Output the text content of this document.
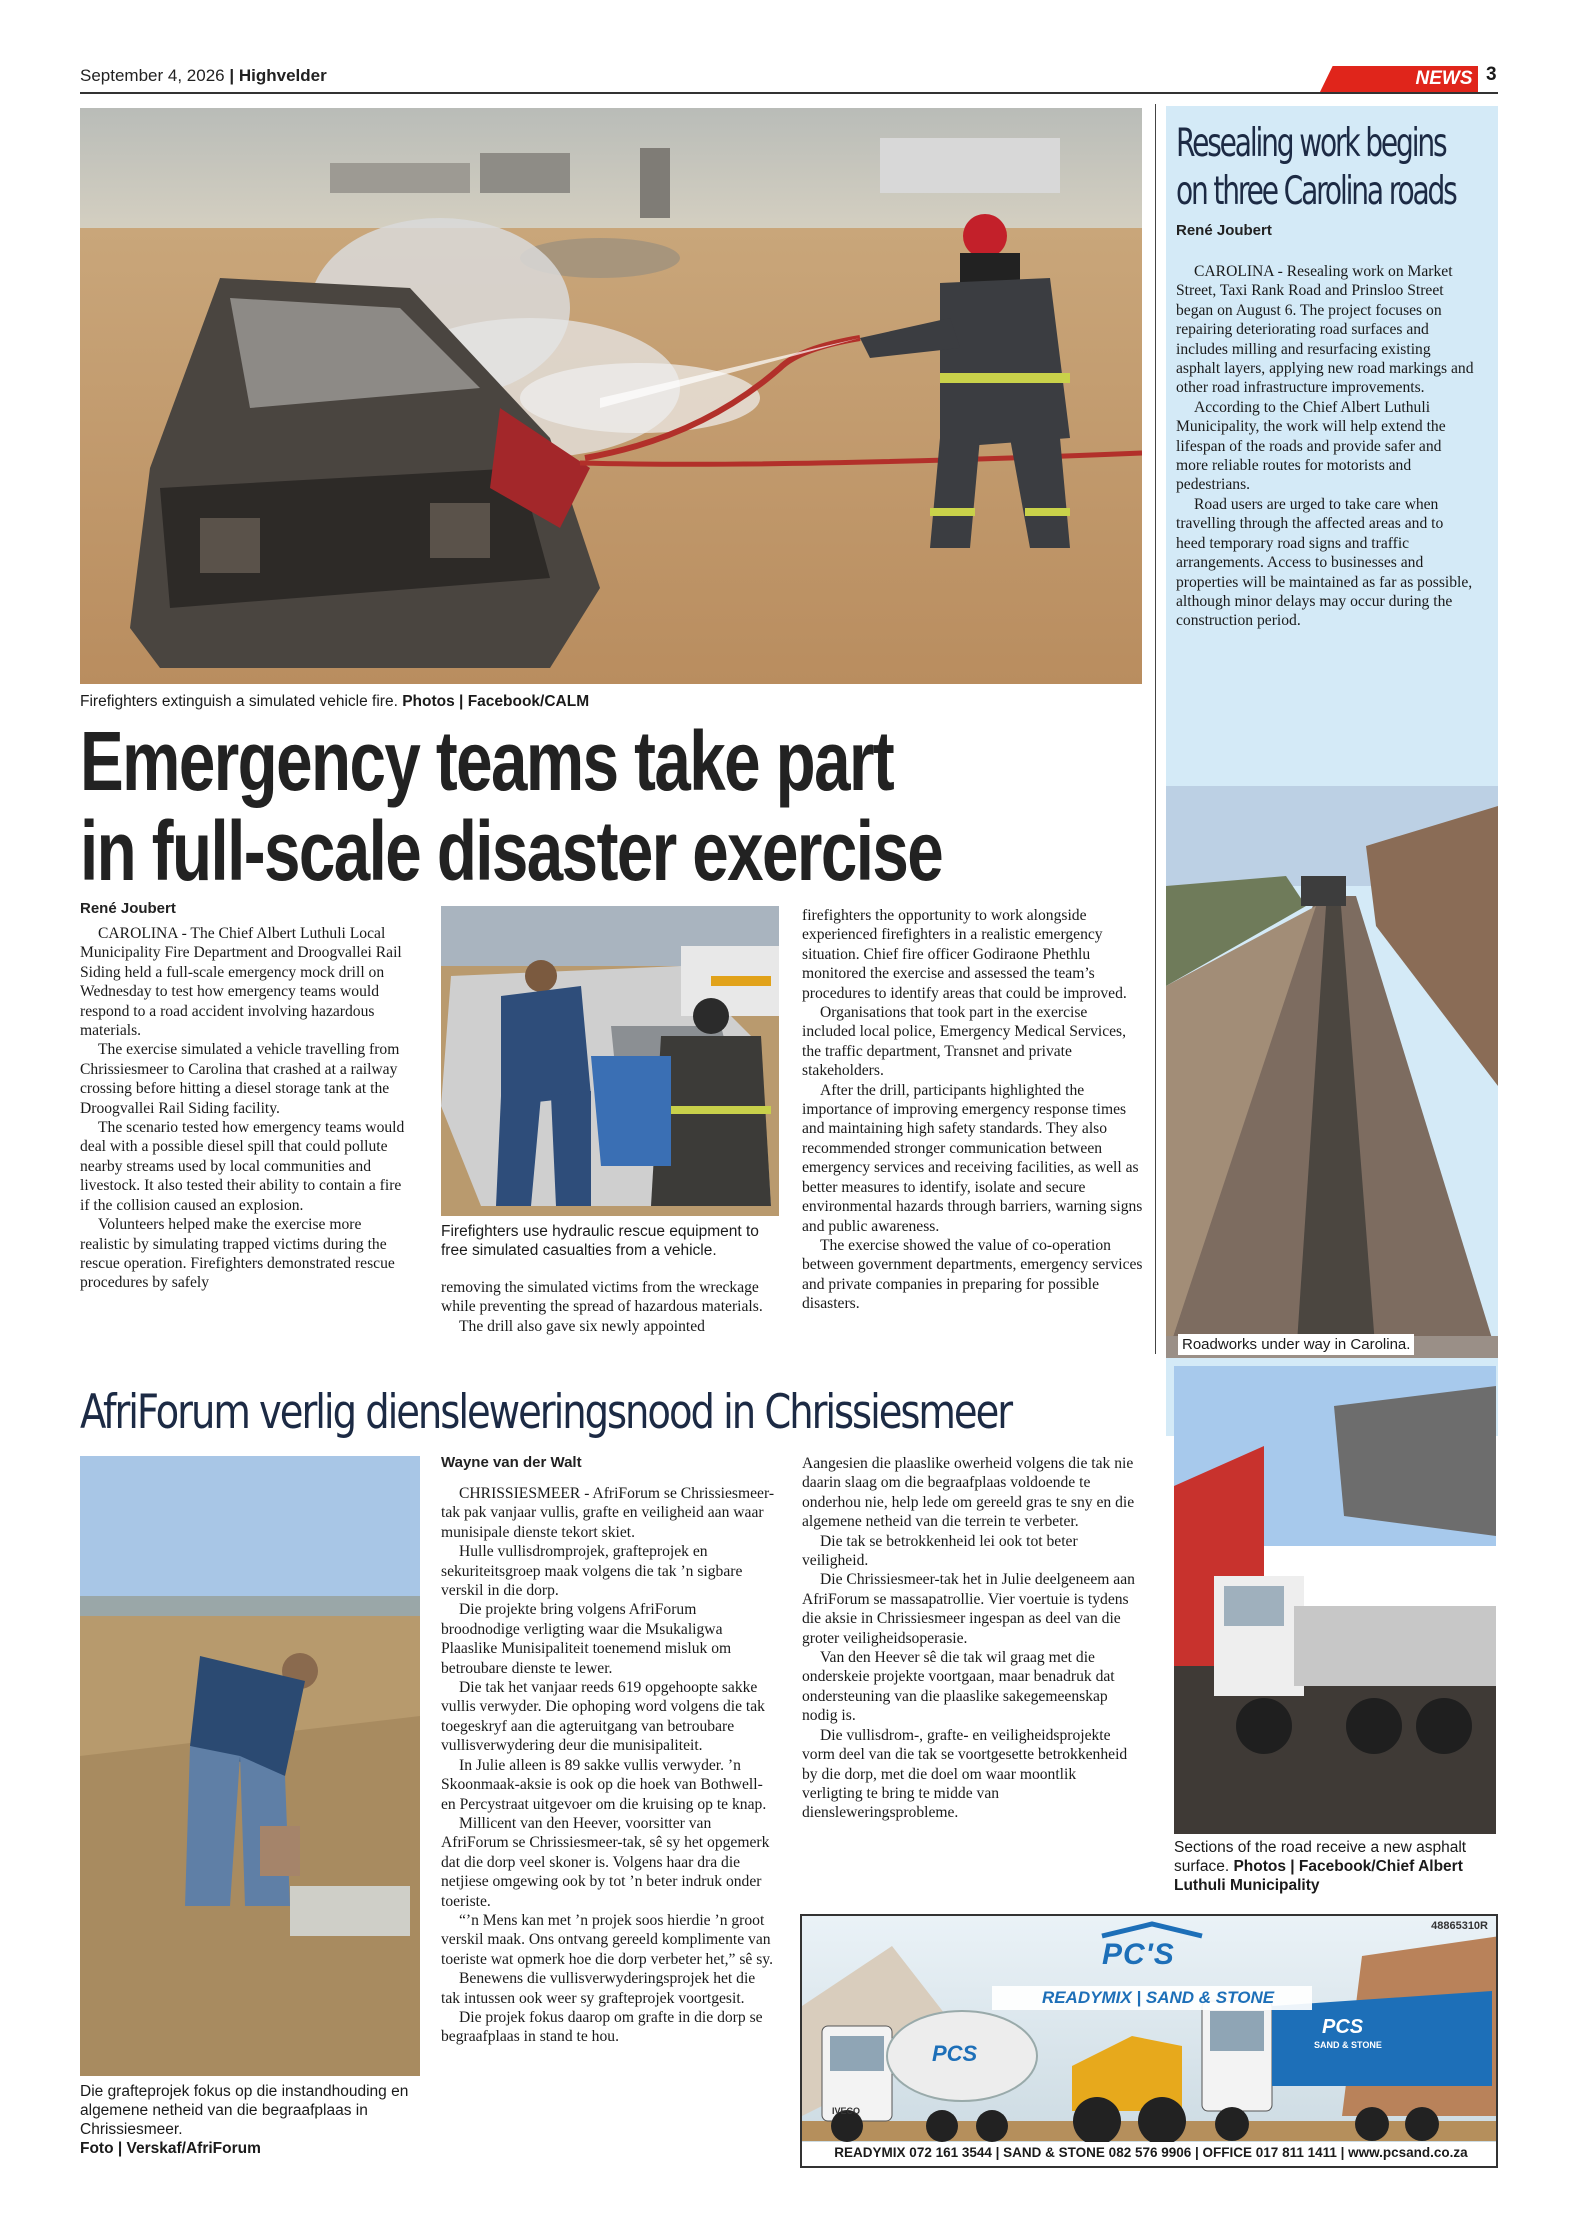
September 4, 2026 | Highvelder	NEWS 3
Firefighters extinguish a simulated vehicle fire. Photos | Facebook/CALM
Emergency teams take part
in full-scale disaster exercise
René Joubert

CAROLINA - The Chief Albert Luthuli Local Municipality Fire Department and Droogvallei Rail Siding held a full-scale emergency mock drill on Wednesday to test how emergency teams would respond to a road accident involving hazardous materials.

The exercise simulated a vehicle travelling from Chrissiesmeer to Carolina that crashed at a railway crossing before hitting a diesel storage tank at the Droogvallei Rail Siding facility.

The scenario tested how emergency teams would deal with a possible diesel spill that could pollute nearby streams used by local communities and livestock. It also tested their ability to contain a fire if the collision caused an explosion.

Volunteers helped make the exercise more realistic by simulating trapped victims during the rescue operation. Firefighters demonstrated rescue procedures by safely

Firefighters use hydraulic rescue equipment to free simulated casualties from a vehicle.

removing the simulated victims from the wreckage while preventing the spread of hazardous materials.

The drill also gave six newly appointed

firefighters the opportunity to work alongside experienced firefighters in a realistic emergency situation. Chief fire officer Godiraone Phethlu monitored the exercise and assessed the team’s procedures to identify areas that could be improved.

Organisations that took part in the exercise included local police, Emergency Medical Services, the traffic department, Transnet and private stakeholders.

After the drill, participants highlighted the importance of improving emergency response times and maintaining high safety standards. They also recommended stronger communication between emergency services and receiving facilities, as well as better measures to identify, isolate and secure environmental hazards through barriers, warning signs and public awareness.

The exercise showed the value of co-operation between government departments, emergency services and private companies in preparing for possible disasters.

Resealing work begins
on three Carolina roads
René Joubert

CAROLINA - Resealing work on Market Street, Taxi Rank Road and Prinsloo Street began on August 6. The project focuses on repairing deteriorating road surfaces and includes milling and resurfacing existing asphalt layers, applying new road markings and other road infrastructure improvements.

According to the Chief Albert Luthuli Municipality, the work will help extend the lifespan of the roads and provide safer and more reliable routes for motorists and pedestrians.

Road users are urged to take care when travelling through the affected areas and to heed temporary road signs and traffic arrangements. Access to businesses and properties will be maintained as far as possible, although minor delays may occur during the construction period.

Roadworks under way in Carolina.
Sections of the road receive a new asphalt surface. Photos | Facebook/Chief Albert Luthuli Municipality
AfriForum verlig diensleweringsnood in Chrissiesmeer
Die grafteprojek fokus op die instandhouding en algemene netheid van die begraafplaas in Chrissiesmeer.
Foto | Verskaf/AfriForum
Wayne van der Walt

CHRISSIESMEER - AfriForum se Chrissiesmeer-tak pak vanjaar vullis, grafte en veiligheid aan waar munisipale dienste tekort skiet.

Hulle vullisdromprojek, grafteprojek en sekuriteitsgroep maak volgens die tak ’n sigbare verskil in die dorp.

Die projekte bring volgens AfriForum broodnodige verligting waar die Msukaligwa Plaaslike Munisipaliteit toenemend misluk om betroubare dienste te lewer.

Die tak het vanjaar reeds 619 opgehoopte sakke vullis verwyder. Die ophoping word volgens die tak toegeskryf aan die agteruitgang van betroubare vullisverwydering deur die munisipaliteit.

In Julie alleen is 89 sakke vullis verwyder. ’n Skoonmaak-aksie is ook op die hoek van Bothwell- en Percystraat uitgevoer om die kruising op te knap.

Millicent van den Heever, voorsitter van AfriForum se Chrissiesmeer-tak, sê sy het opgemerk dat die dorp veel skoner is. Volgens haar dra die netjiese omgewing ook by tot ’n beter indruk onder toeriste.

“’n Mens kan met ’n projek soos hierdie ’n groot verskil maak. Ons ontvang gereeld komplimente van toeriste wat opmerk hoe die dorp verbeter het,” sê sy.

Benewens die vullisverwyderingsprojek het die tak intussen ook weer sy grafteprojek voortgesit.

Die projek fokus daarop om grafte in die dorp se begraafplaas in stand te hou.

Aangesien die plaaslike owerheid volgens die tak nie daarin slaag om die begraafplaas voldoende te onderhou nie, help lede om gereeld gras te sny en die algemene netheid van die terrein te verbeter.

Die tak se betrokkenheid lei ook tot beter veiligheid.

Die Chrissiesmeer-tak het in Julie deelgeneem aan AfriForum se massapatrollie. Vier voertuie is tydens die aksie in Chrissiesmeer ingespan as deel van die groter veiligheidsoperasie.

Van den Heever sê die tak wil graag met die onderskeie projekte voortgaan, maar benadruk dat ondersteuning van die plaaslike sakegemeenskap nodig is.

Die vullisdrom-, grafte- en veiligheidsprojekte vorm deel van die tak se voortgesette betrokkenheid by die dorp, met die doel om waar moontlik verligting te bring te midde van diensleweringsprobleme.

48865310R
PC'S
READYMIX | SAND & STONE
PCS
IVECO
PCS
SAND & STONE
READYMIX 072 161 3544 | SAND & STONE 082 576 9906 | OFFICE 017 811 1411 | www.pcsand.co.za
